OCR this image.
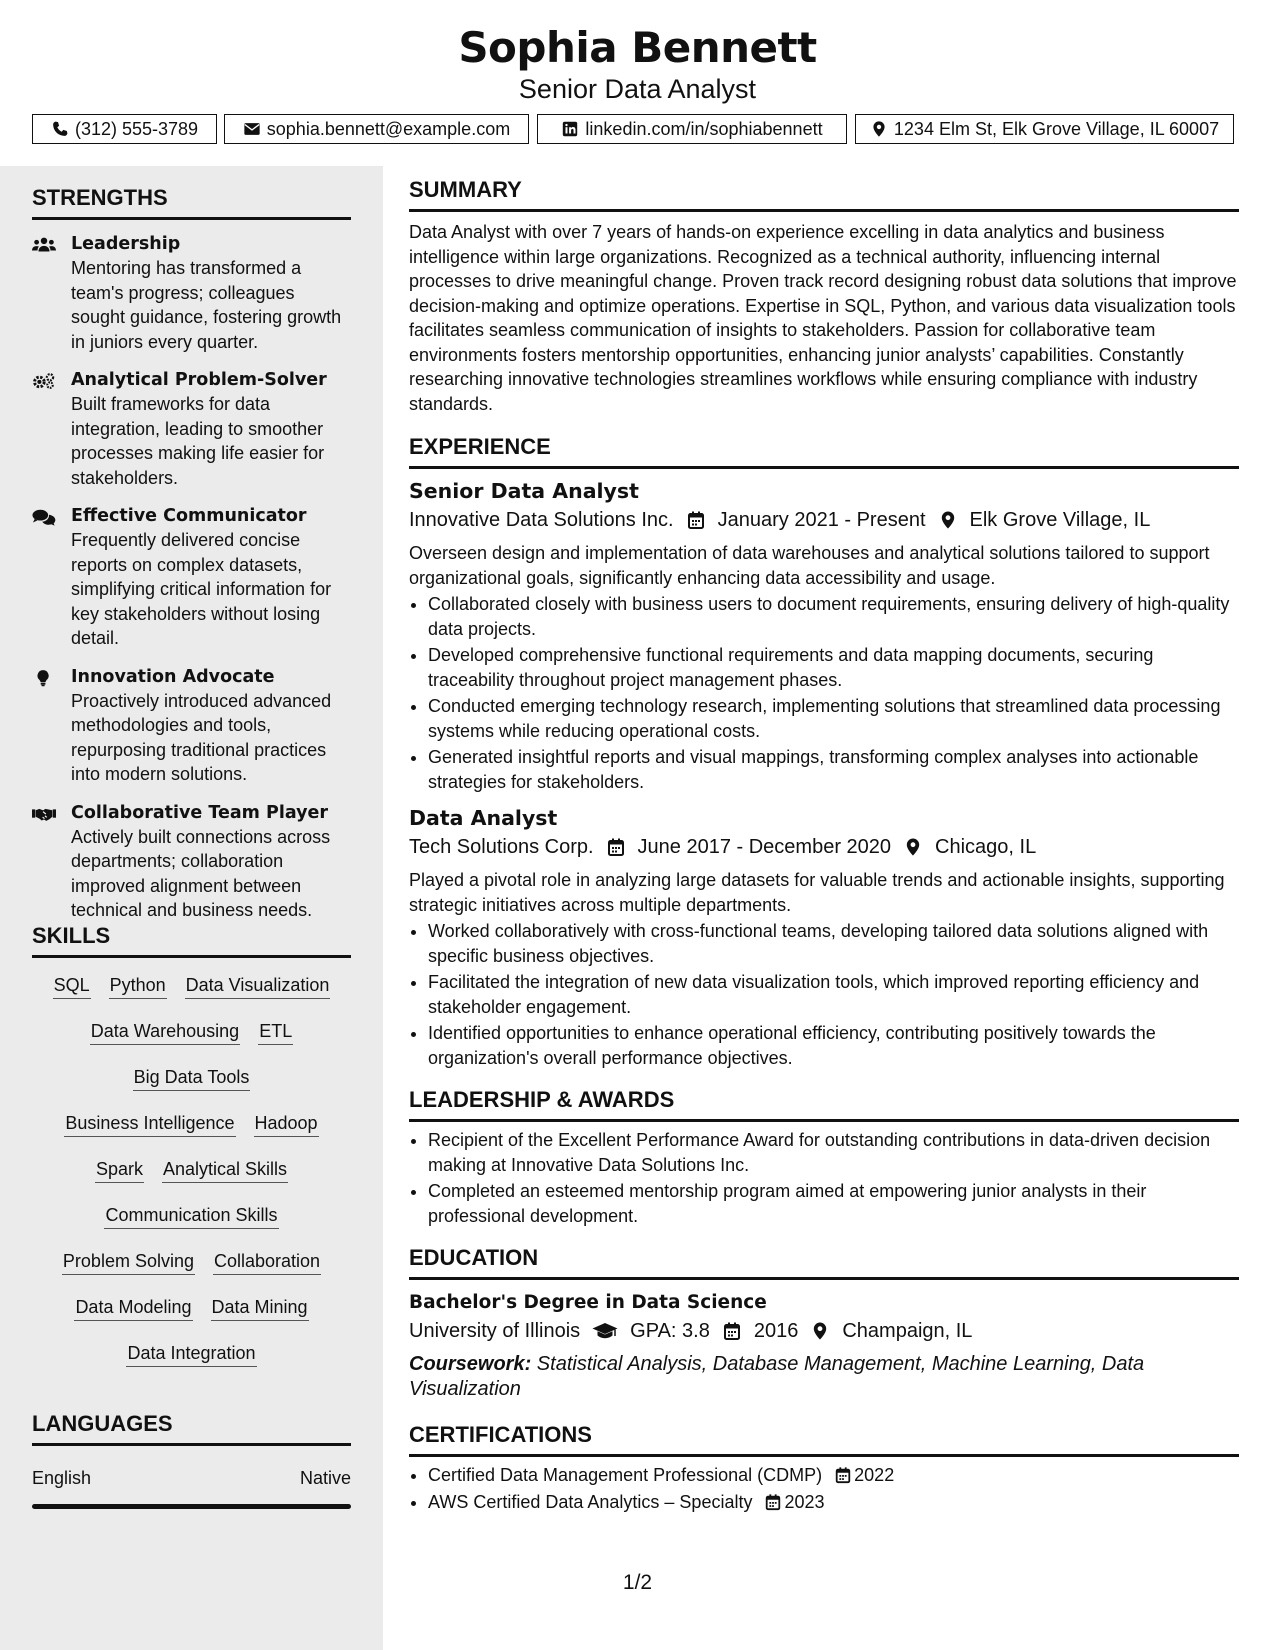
Sophia Bennett
Senior Data Analyst
(312) 555-3789	sophia.bennett@example.com	linkedin.com/in/sophiabennett	1234 Elm St, Elk Grove Village, IL 60007
STRENGTHS
Leadership
Mentoring has transformed a team's progress; colleagues sought guidance, fostering growth in juniors every quarter.
Analytical Problem-Solver
Built frameworks for data integration, leading to smoother processes making life easier for stakeholders.
Effective Communicator
Frequently delivered concise reports on complex datasets, simplifying critical information for key stakeholders without losing detail.
Innovation Advocate
Proactively introduced advanced methodologies and tools, repurposing traditional practices into modern solutions.
Collaborative Team Player
Actively built connections across departments; collaboration improved alignment between technical and business needs.
SKILLS
SQL Python Data Visualization
Data Warehousing ETL
Big Data Tools
Business Intelligence Hadoop
Spark Analytical Skills
Communication Skills
Problem Solving Collaboration
Data Modeling Data Mining
Data Integration
LANGUAGES
English	Native
SUMMARY
Data Analyst with over 7 years of hands-on experience excelling in data analytics and business intelligence within large organizations. Recognized as a technical authority, influencing internal processes to drive meaningful change. Proven track record designing robust data solutions that improve decision-making and optimize operations. Expertise in SQL, Python, and various data visualization tools facilitates seamless communication of insights to stakeholders. Passion for collaborative team environments fosters mentorship opportunities, enhancing junior analysts’ capabilities. Constantly researching innovative technologies streamlines workflows while ensuring compliance with industry standards.
EXPERIENCE
Senior Data Analyst
Innovative Data Solutions Inc. January 2021 - Present Elk Grove Village, IL
Overseen design and implementation of data warehouses and analytical solutions tailored to support organizational goals, significantly enhancing data accessibility and usage.
• Collaborated closely with business users to document requirements, ensuring delivery of high-quality data projects.
• Developed comprehensive functional requirements and data mapping documents, securing traceability throughout project management phases.
• Conducted emerging technology research, implementing solutions that streamlined data processing systems while reducing operational costs.
• Generated insightful reports and visual mappings, transforming complex analyses into actionable strategies for stakeholders.
Data Analyst
Tech Solutions Corp. June 2017 - December 2020 Chicago, IL
Played a pivotal role in analyzing large datasets for valuable trends and actionable insights, supporting strategic initiatives across multiple departments.
• Worked collaboratively with cross-functional teams, developing tailored data solutions aligned with specific business objectives.
• Facilitated the integration of new data visualization tools, which improved reporting efficiency and stakeholder engagement.
• Identified opportunities to enhance operational efficiency, contributing positively towards the organization's overall performance objectives.
LEADERSHIP & AWARDS
• Recipient of the Excellent Performance Award for outstanding contributions in data-driven decision making at Innovative Data Solutions Inc.
• Completed an esteemed mentorship program aimed at empowering junior analysts in their professional development.
EDUCATION
Bachelor's Degree in Data Science
University of Illinois	GPA: 3.8 2016 Champaign, IL
Coursework: Statistical Analysis, Database Management, Machine Learning, Data Visualization
CERTIFICATIONS
• Certified Data Management Professional (CDMP) 2022
• AWS Certified Data Analytics – Specialty 2023
1/2
